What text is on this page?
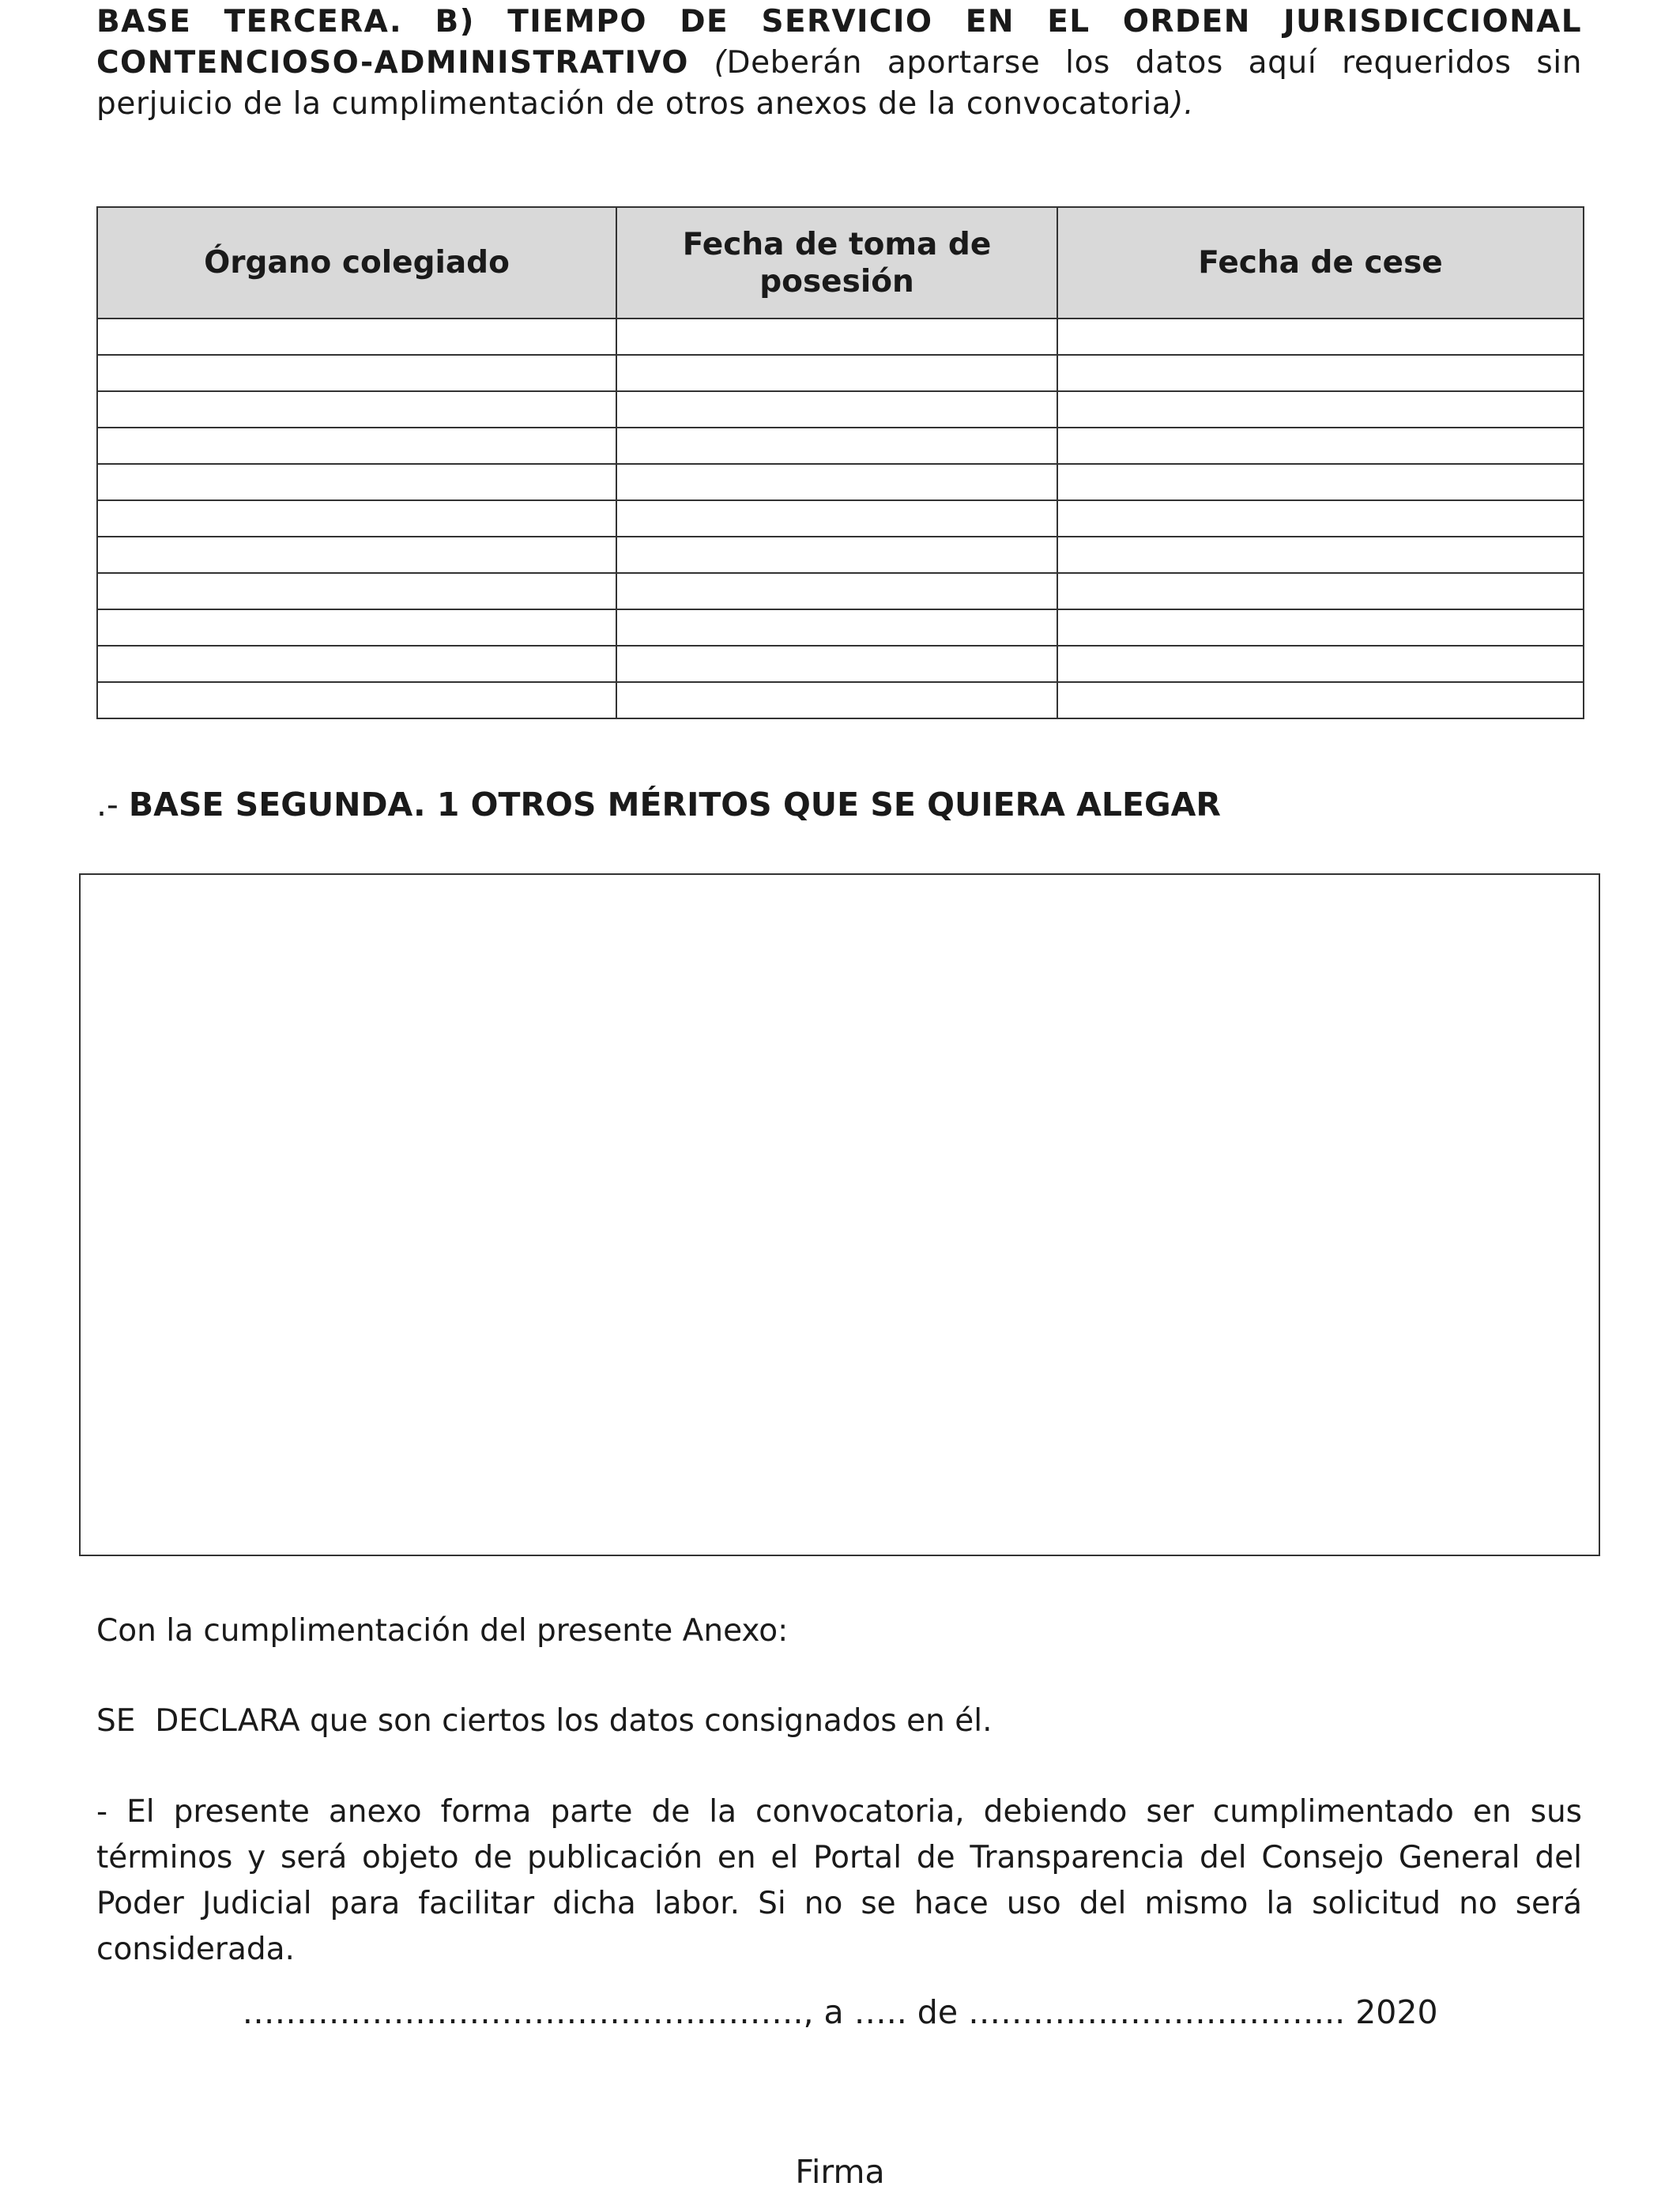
BASE TERCERA. B) TIEMPO DE SERVICIO EN EL ORDEN JURISDICCIONAL CONTENCIOSO-ADMINISTRATIVO (Deberán aportarse los datos aquí requeridos sin perjuicio de la cumplimentación de otros anexos de la convocatoria).

Órgano colegiado	Fecha de toma de posesión	Fecha de cese

.- BASE SEGUNDA. 1 OTROS MÉRITOS QUE SE QUIERA ALEGAR

Con la cumplimentación del presente Anexo:

SE  DECLARA que son ciertos los datos consignados en él.

- El presente anexo forma parte de la convocatoria, debiendo ser cumplimentado en sus términos y será objeto de publicación en el Portal de Transparencia del Consejo General del Poder Judicial para facilitar dicha labor. Si no se hace uso del mismo la solicitud no será considerada.

……………………………………………., a ….. de …………………………….. 2020

Firma
